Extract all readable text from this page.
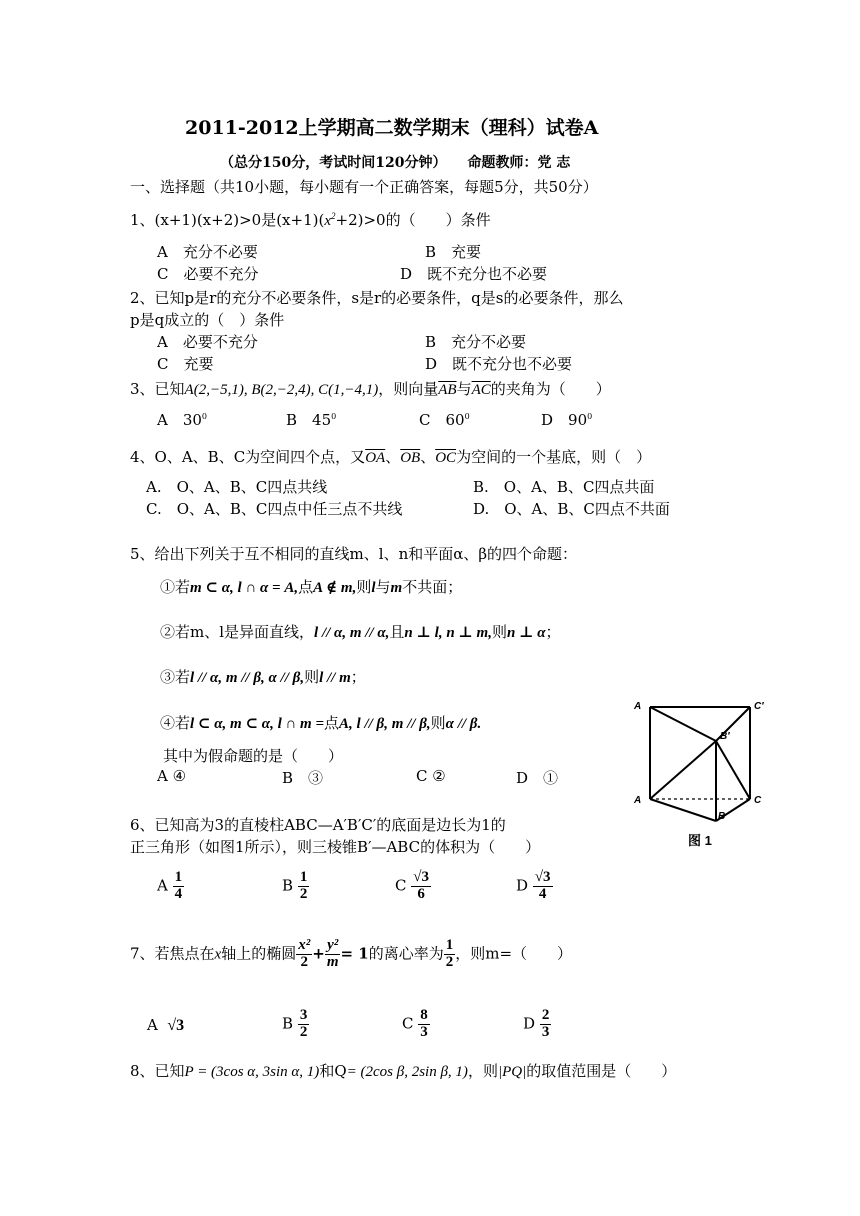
2011-2012上学期高二数学期末（理科）试卷A
（总分150分，考试时间120分钟）　　命题教师：党 志
一、选择题（共10小题，每小题有一个正确答案，每题5分，共50分）
1、(x+1)(x+2)>0是$(x+1)(x^2+2)>0$的（　　）条件
A　充分不必要	B　充要
C　必要不充分	D　既不充分也不必要
2、已知p是r的充分不必要条件，s是r的必要条件，q是s的必要条件，那么
p是q成立的（　）条件
A　必要不充分	B　充分不必要
C　充要	D　既不充分也不必要
3、已知A(2,−5,1), B(2,−2,4), C(1,−4,1)，则向量$\overline{AB}$与$\overline{AC}$的夹角为（　　）
A　$30^0$	B　$45^0$	C　$60^0$	D　$90^0$
4、O、A、B、C为空间四个点，又$\overline{OA}$、$\overline{OB}$、$\overline{OC}$为空间的一个基底，则（　）
A.　O、A、B、C四点共线	B.　O、A、B、C四点共面
C.　O、A、B、C四点中任三点不共线	D.　O、A、B、C四点不共面
5、给出下列关于互不相同的直线m、l、n和平面α、β的四个命题：
①若m ⊂ α, l ∩ α = A,点A ∉ m,则l与m不共面；
②若m、l是异面直线，l // α, m // α,且n ⊥ l, n ⊥ m,则n ⊥ α；
③若l // α, m // β, α // β,则l // m；
④若l ⊂ α, m ⊂ α, l ∩ m =点A, l // β, m // β,则α // β.
其中为假命题的是（　　）
A ④	B　③	C ②	D　①
A	C′
B′
A	C
B
图 1
6、已知高为3的直棱柱ABC—A′B′C′的底面是边长为1的
正三角形（如图1所示），则三棱锥B′—ABC的体积为（　　）
A $\frac{1}{4}$	B $\frac{1}{2}$	C $\frac{√3}{6}$	D $\frac{√3}{4}$
7、若焦点在x轴上的椭圆 $\frac{\text{x²}}{2} + \frac{\text{y²}}{m} = 1$的离心率为 $\frac{1}{2}$ ，则m=（　　）
A √3	B $\frac{3}{2}$	C $\frac{8}{3}$	D $\frac{2}{3}$
8、已知P = (3cos α, 3sin α, 1)和Q= (2cos β, 2sin β, 1)，则|PQ|的取值范围是（　　）
